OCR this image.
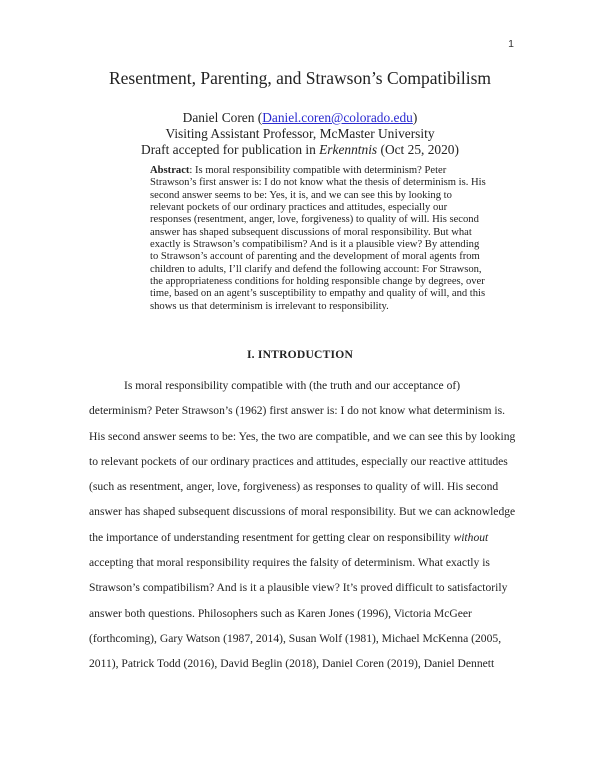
1
Resentment, Parenting, and Strawson’s Compatibilism
Daniel Coren (Daniel.coren@colorado.edu)
Visiting Assistant Professor, McMaster University
Draft accepted for publication in Erkenntnis (Oct 25, 2020)
Abstract: Is moral responsibility compatible with determinism? Peter Strawson’s first answer is: I do not know what the thesis of determinism is. His second answer seems to be: Yes, it is, and we can see this by looking to relevant pockets of our ordinary practices and attitudes, especially our responses (resentment, anger, love, forgiveness) to quality of will. His second answer has shaped subsequent discussions of moral responsibility. But what exactly is Strawson’s compatibilism? And is it a plausible view? By attending to Strawson’s account of parenting and the development of moral agents from children to adults, I’ll clarify and defend the following account: For Strawson, the appropriateness conditions for holding responsible change by degrees, over time, based on an agent’s susceptibility to empathy and quality of will, and this shows us that determinism is irrelevant to responsibility.
I. INTRODUCTION
Is moral responsibility compatible with (the truth and our acceptance of)
determinism? Peter Strawson’s (1962) first answer is: I do not know what determinism is.
His second answer seems to be: Yes, the two are compatible, and we can see this by looking
to relevant pockets of our ordinary practices and attitudes, especially our reactive attitudes
(such as resentment, anger, love, forgiveness) as responses to quality of will. His second
answer has shaped subsequent discussions of moral responsibility. But we can acknowledge
the importance of understanding resentment for getting clear on responsibility without
accepting that moral responsibility requires the falsity of determinism. What exactly is
Strawson’s compatibilism? And is it a plausible view? It’s proved difficult to satisfactorily
answer both questions. Philosophers such as Karen Jones (1996), Victoria McGeer
(forthcoming), Gary Watson (1987, 2014), Susan Wolf (1981), Michael McKenna (2005,
2011), Patrick Todd (2016), David Beglin (2018), Daniel Coren (2019), Daniel Dennett
